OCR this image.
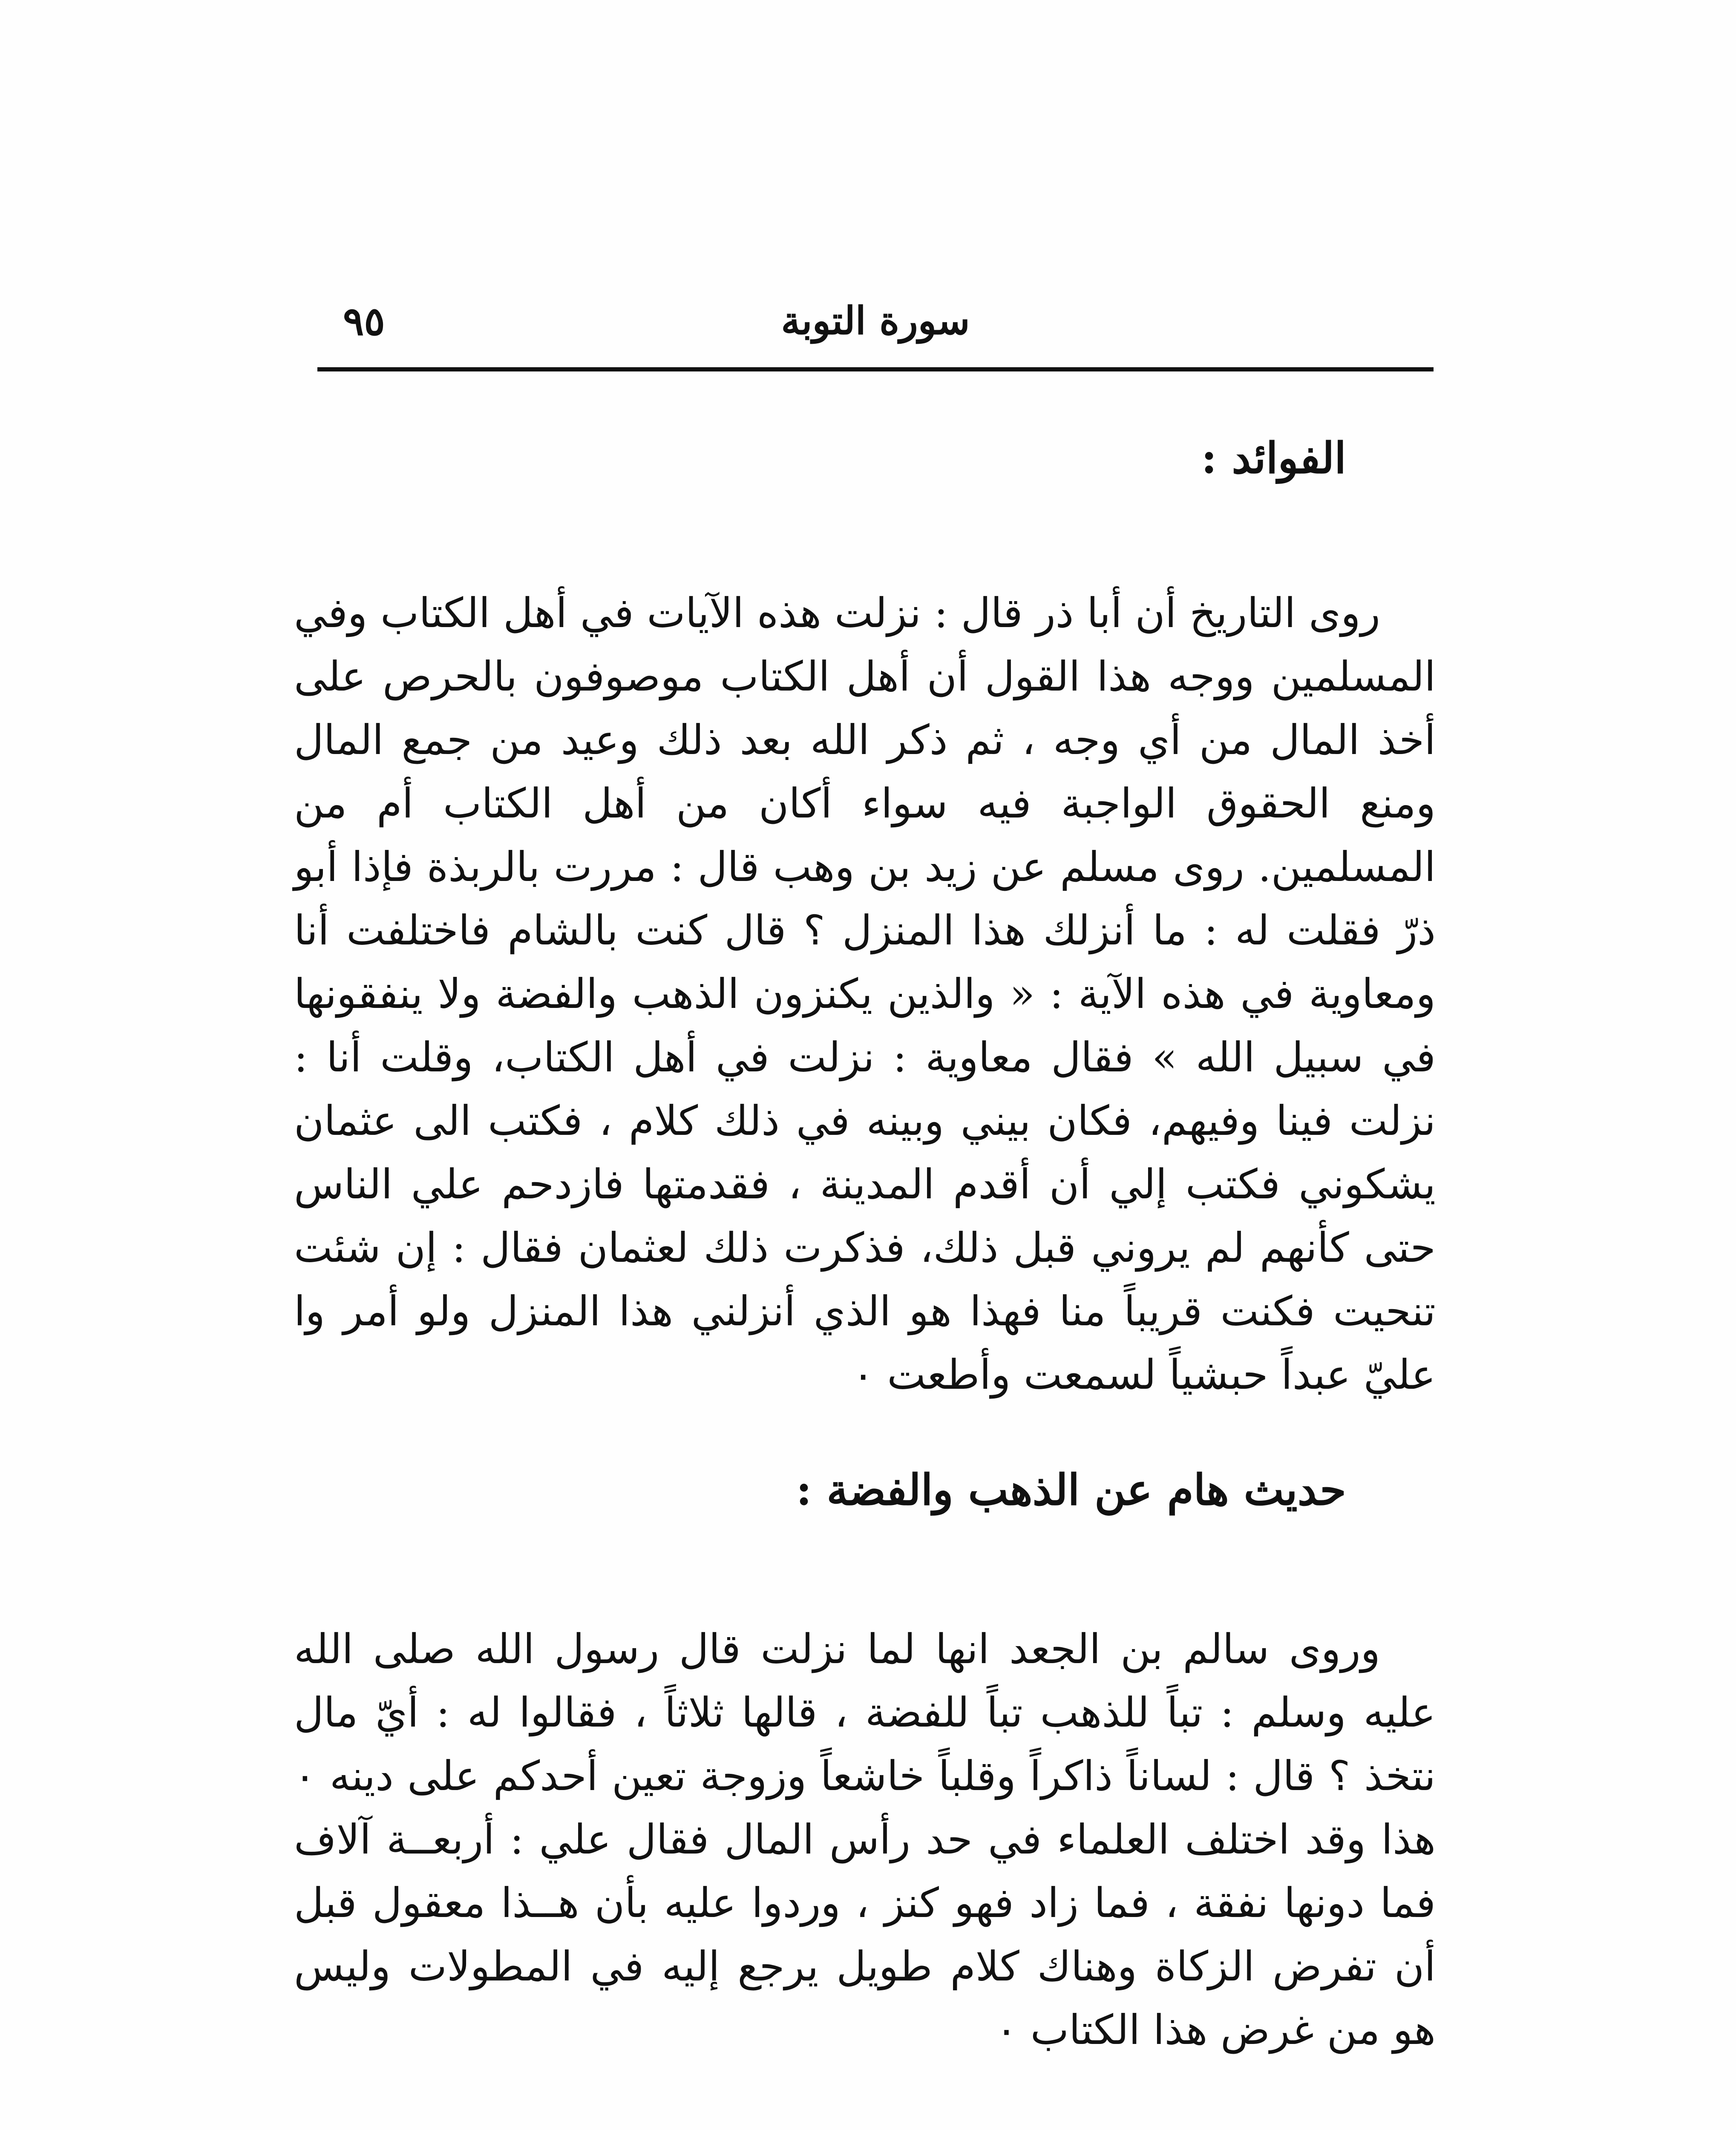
٩٥	سورة التوبة
الفوائد :

روى التاريخ أن أبا ذر قال : نزلت هذه الآيات في أهل الكتاب وفي المسلمين ووجه هذا القول أن أهل الكتاب موصوفون بالحرص على أخذ المال من أي وجه ، ثم ذكر الله بعد ذلك وعيد من جمع المال ومنع الحقوق الواجبة فيه سواء أكان من أهل الكتاب أم من المسلمين. روى مسلم عن زيد بن وهب قال : مررت بالربذة فإذا أبو ذرّ فقلت له : ما أنزلك هذا المنزل ؟ قال كنت بالشام فاختلفت أنا ومعاوية في هذه الآية : « والذين يكنزون الذهب والفضة ولا ينفقونها في سبيل الله » فقال معاوية : نزلت في أهل الكتاب، وقلت أنا : نزلت فينا وفيهم، فكان بيني وبينه في ذلك كلام ، فكتب الى عثمان يشكوني فكتب إلي أن أقدم المدينة ، فقدمتها فازدحم علي الناس حتى كأنهم لم يروني قبل ذلك، فذكرت ذلك لعثمان فقال : إن شئت تنحيت فكنت قريباً منا فهذا هو الذي أنزلني هذا المنزل ولو أمر وا عليّ عبداً حبشياً لسمعت وأطعت ٠

حديث هام عن الذهب والفضة :

وروى سالم بن الجعد انها لما نزلت قال رسول الله صلى الله عليه وسلم : تباً للذهب تباً للفضة ، قالها ثلاثاً ، فقالوا له : أيّ مال نتخذ ؟ قال : لساناً ذاكراً وقلباً خاشعاً وزوجة تعين أحدكم على دينه ٠ هذا وقد اختلف العلماء في حد رأس المال فقال علي : أربعــة آلاف فما دونها نفقة ، فما زاد فهو كنز ، وردوا عليه بأن هــذا معقول قبل أن تفرض الزكاة وهناك كلام طويل يرجع إليه في المطولات وليس هو من غرض هذا الكتاب ٠
